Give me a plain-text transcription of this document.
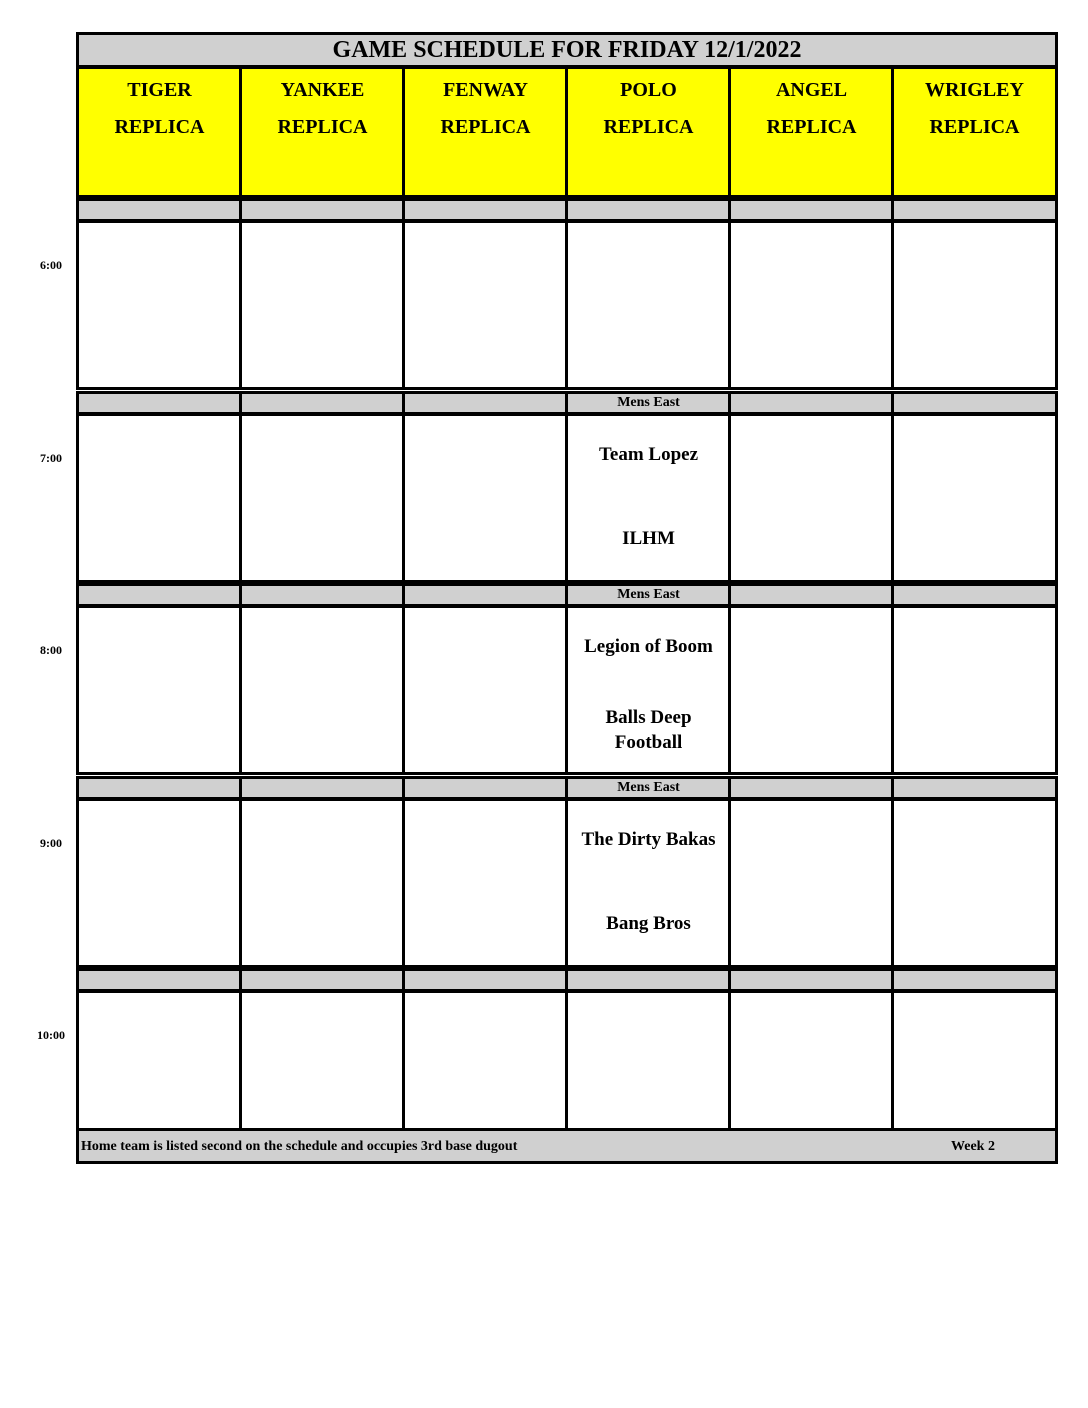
GAME SCHEDULE FOR FRIDAY 12/1/2022
TIGER
REPLICA
YANKEE
REPLICA
FENWAY
REPLICA
POLO
REPLICA
ANGEL
REPLICA
WRIGLEY
REPLICA
Mens East
Team Lopez
ILHM
Mens East
Legion of Boom
Balls Deep Football
Mens East
The Dirty Bakas
Bang Bros
Home team is listed second on the schedule and occupies 3rd base dugout	Week 2
6:00
7:00
8:00
9:00
10:00
